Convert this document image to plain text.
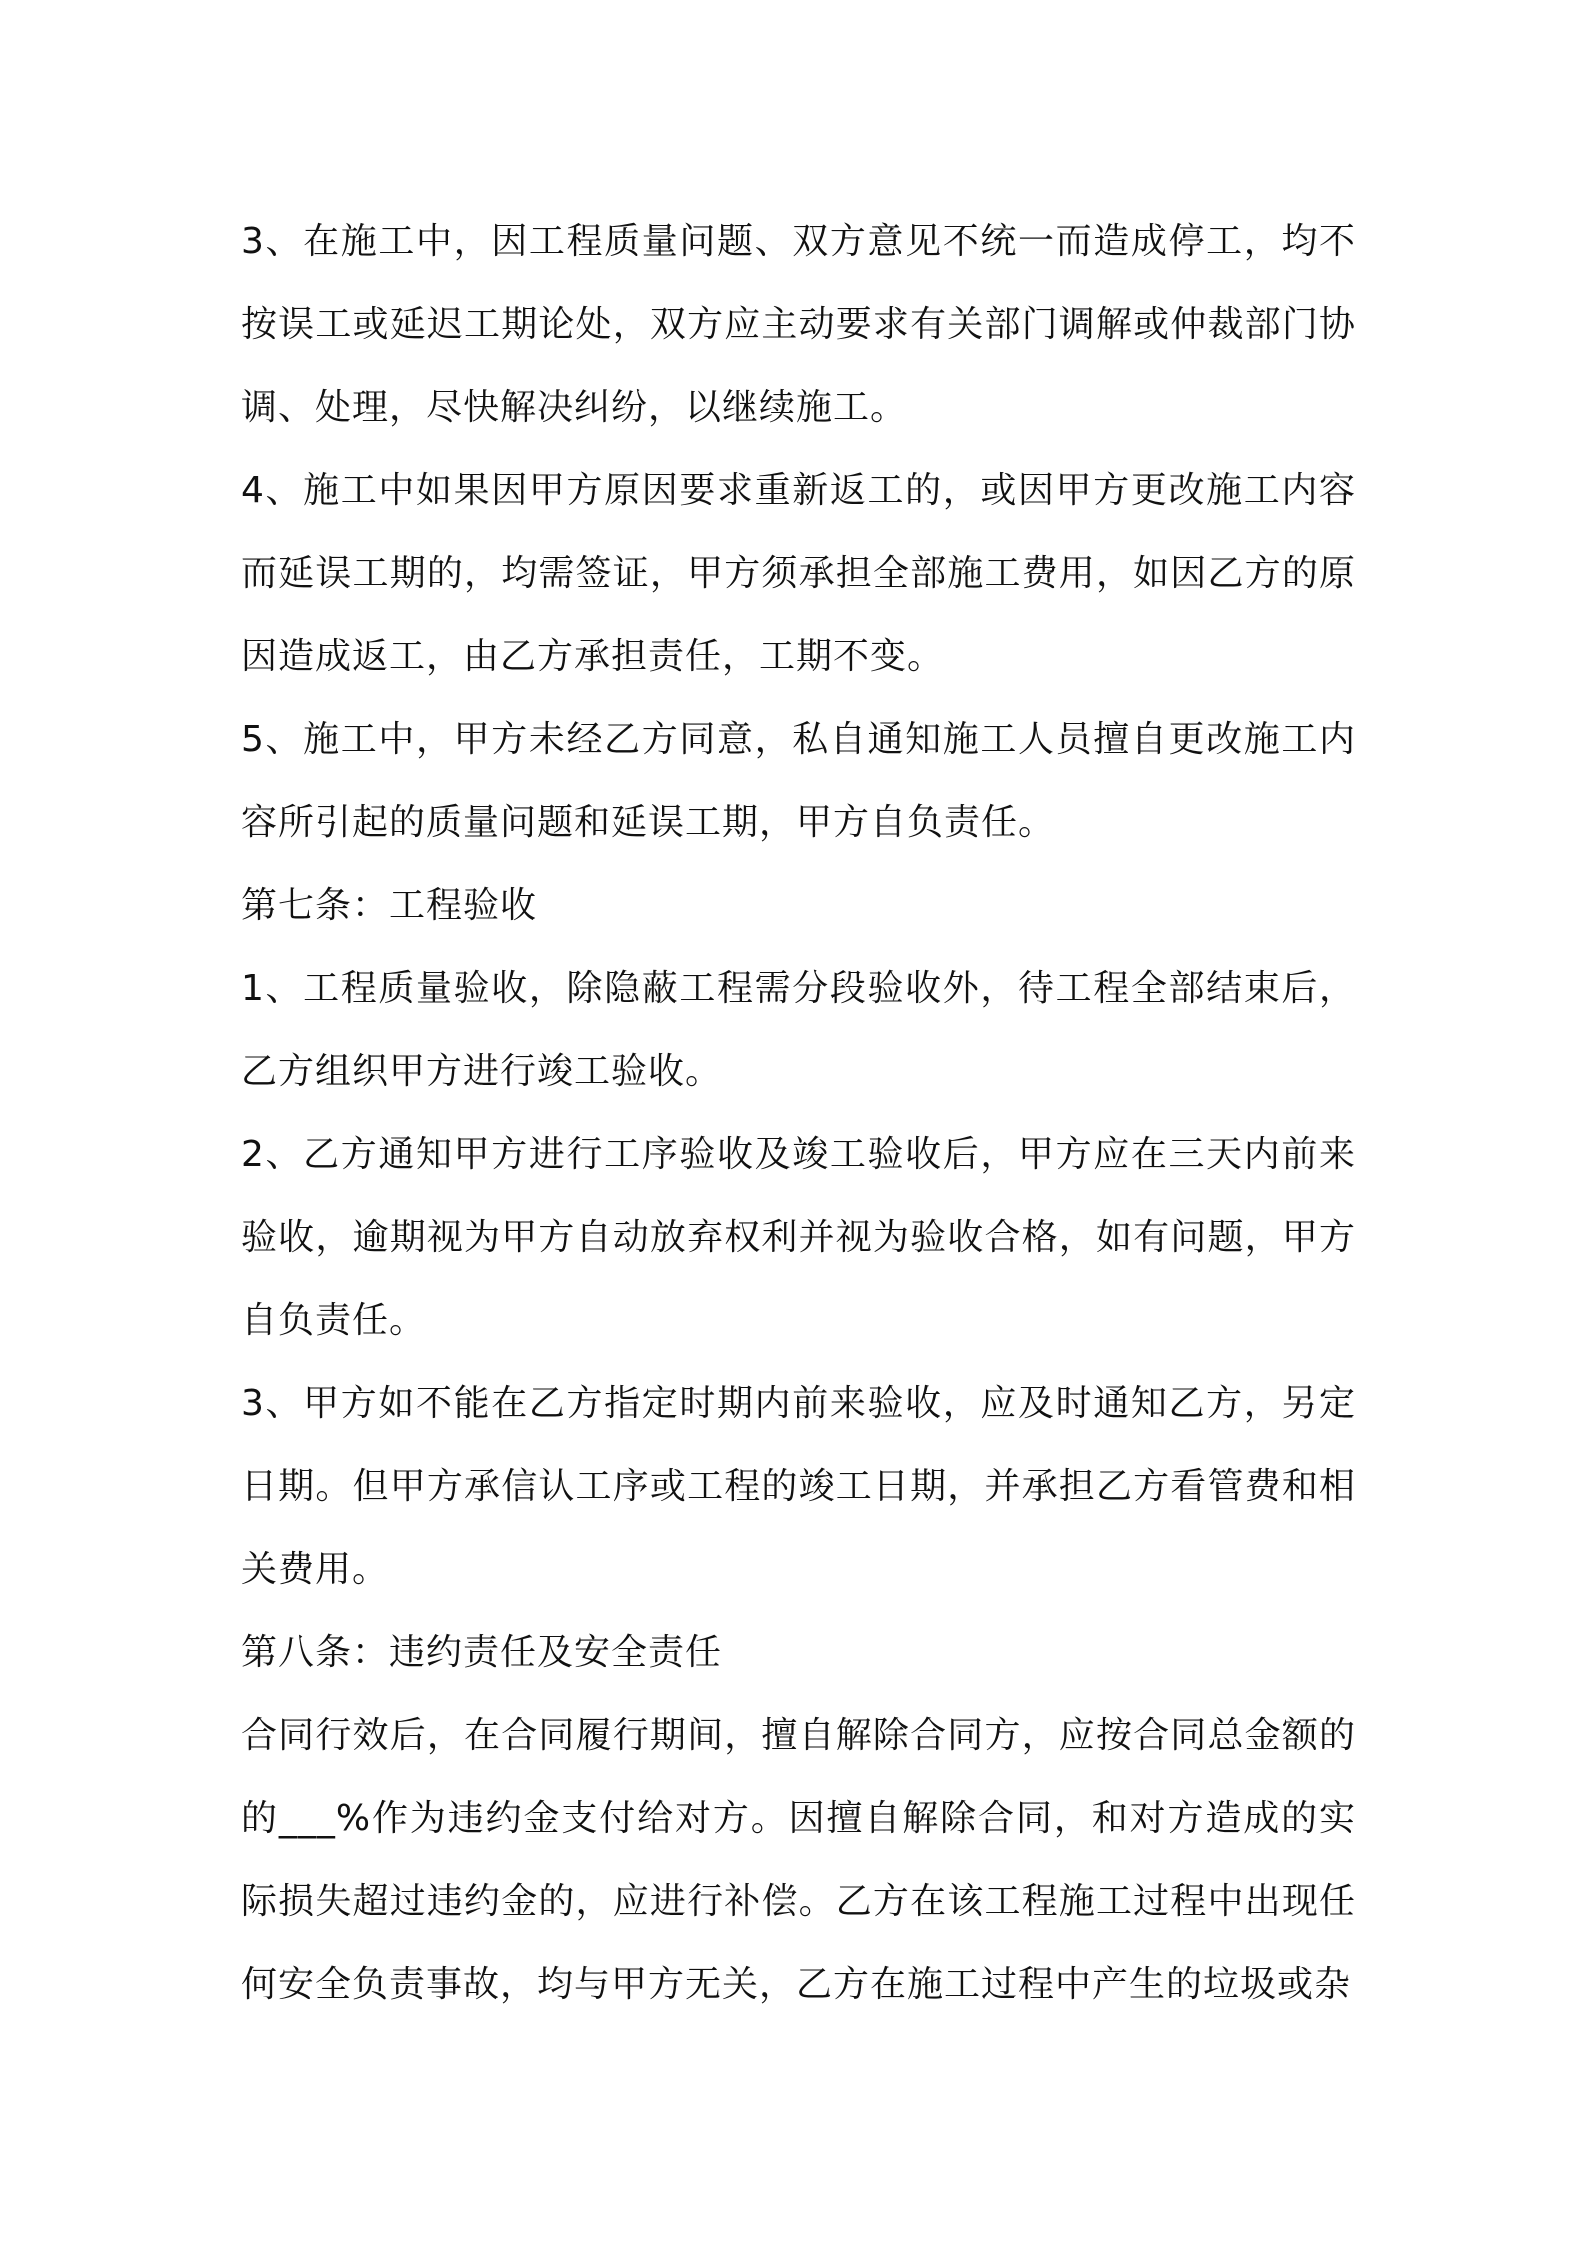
3、在施工中，因工程质量问题、双方意见不统一而造成停工，均不按误工或延迟工期论处，双方应主动要求有关部门调解或仲裁部门协调、处理，尽快解决纠纷，以继续施工。

4、施工中如果因甲方原因要求重新返工的，或因甲方更改施工内容而延误工期的，均需签证，甲方须承担全部施工费用，如因乙方的原因造成返工，由乙方承担责任，工期不变。

5、施工中，甲方未经乙方同意，私自通知施工人员擅自更改施工内容所引起的质量问题和延误工期，甲方自负责任。

第七条：工程验收

1、工程质量验收，除隐蔽工程需分段验收外，待工程全部结束后，乙方组织甲方进行竣工验收。

2、乙方通知甲方进行工序验收及竣工验收后，甲方应在三天内前来验收，逾期视为甲方自动放弃权利并视为验收合格，如有问题，甲方自负责任。

3、甲方如不能在乙方指定时期内前来验收，应及时通知乙方，另定日期。但甲方承信认工序或工程的竣工日期，并承担乙方看管费和相关费用。

第八条：违约责任及安全责任

合同行效后，在合同履行期间，擅自解除合同方，应按合同总金额的的___%作为违约金支付给对方。因擅自解除合同，和对方造成的实际损失超过违约金的，应进行补偿。乙方在该工程施工过程中出现任何安全负责事故，均与甲方无关，乙方在施工过程中产生的垃圾或杂
